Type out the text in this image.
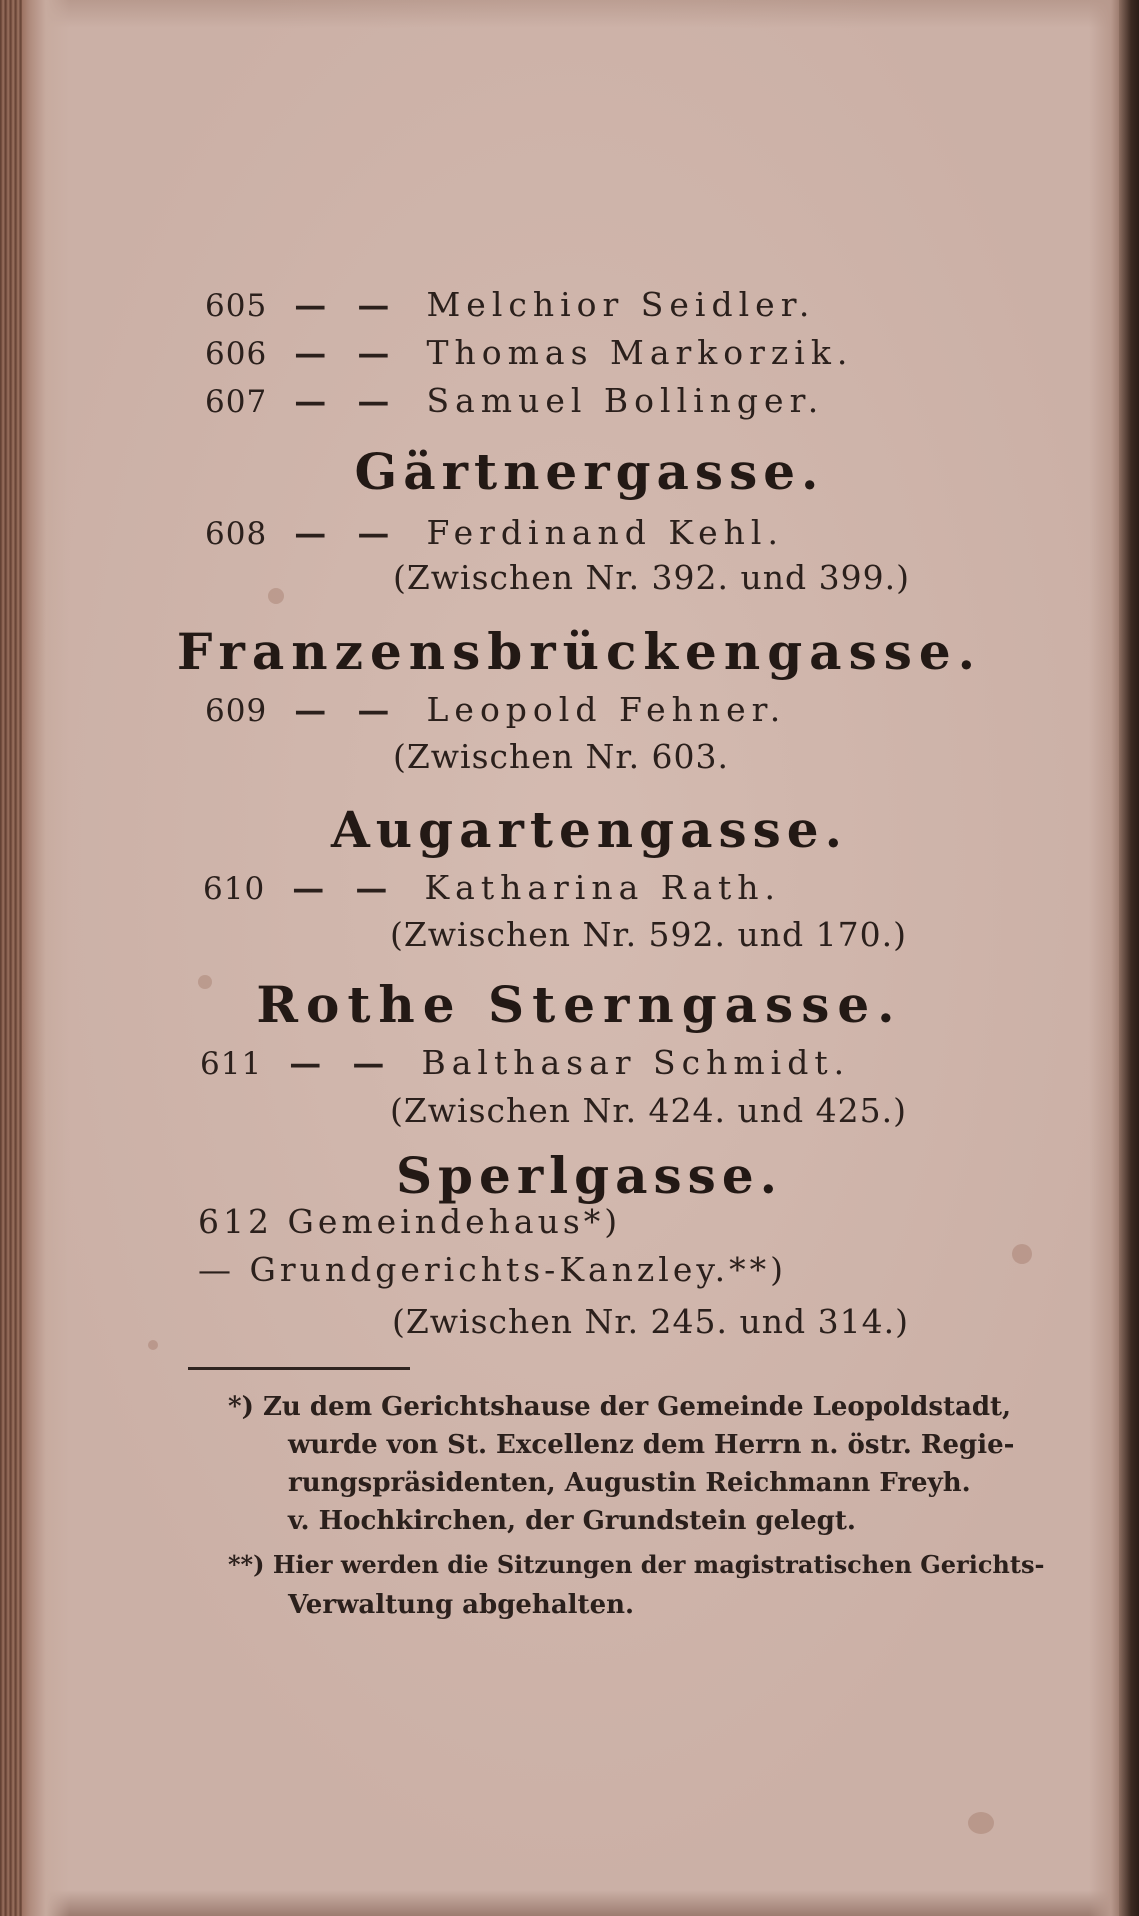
605 — — Melchior Seidler.
606 — — Thomas Markorzik.
607 — — Samuel Bollinger.
Gärtnergasse.
608 — — Ferdinand Kehl.
(Zwischen Nr. 392. und 399.)
Franzensbrückengasse.
609 — — Leopold Fehner.
(Zwischen Nr. 603.
Augartengasse.
610 — — Katharina Rath.
(Zwischen Nr. 592. und 170.)
Rothe Sterngasse.
611 — — Balthasar Schmidt.
(Zwischen Nr. 424. und 425.)
Sperlgasse.
612 Gemeindehaus*)
— Grundgerichts-Kanzley.**)
(Zwischen Nr. 245. und 314.)
*) Zu dem Gerichtshause der Gemeinde Leopoldstadt,
wurde von St. Excellenz dem Herrn n. östr. Regie-
rungspräsidenten, Augustin Reichmann Freyh.
v. Hochkirchen, der Grundstein gelegt.
**) Hier werden die Sitzungen der magistratischen Gerichts-
Verwaltung abgehalten.
